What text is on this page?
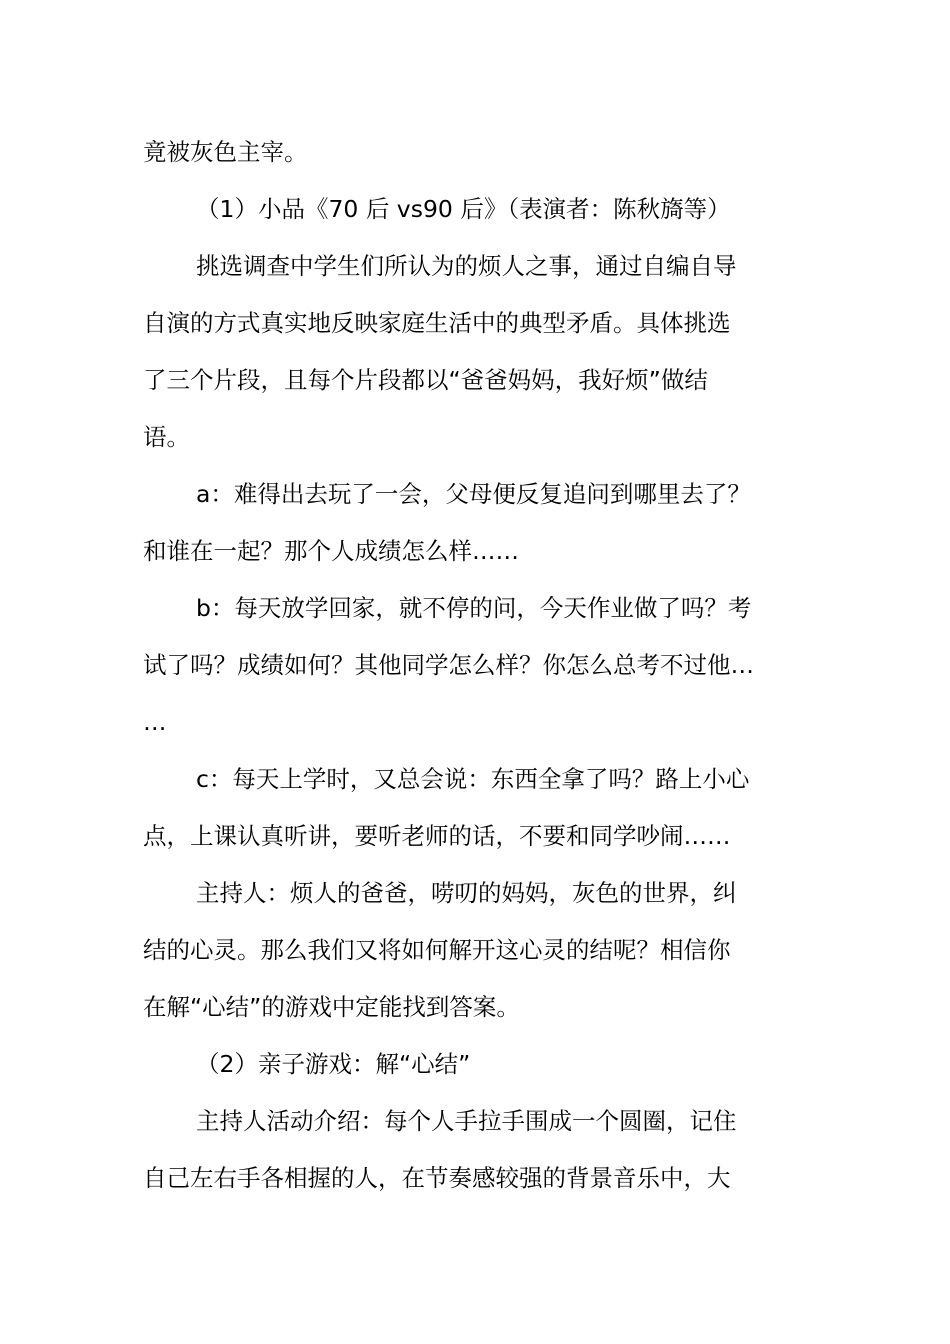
竟被灰色主宰。
（1）小品《70 后 vs90 后》（表演者：陈秋旖等）
挑选调查中学生们所认为的烦人之事，通过自编自导
自演的方式真实地反映家庭生活中的典型矛盾。具体挑选
了三个片段，且每个片段都以“爸爸妈妈，我好烦”做结
语。
a：难得出去玩了一会，父母便反复追问到哪里去了？
和谁在一起？那个人成绩怎么样……
b：每天放学回家，就不停的问，今天作业做了吗？考
试了吗？成绩如何？其他同学怎么样？你怎么总考不过他…
…
c：每天上学时，又总会说：东西全拿了吗？路上小心
点，上课认真听讲，要听老师的话，不要和同学吵闹……
主持人：烦人的爸爸，唠叨的妈妈，灰色的世界，纠
结的心灵。那么我们又将如何解开这心灵的结呢？相信你
在解“心结”的游戏中定能找到答案。
（2）亲子游戏：解“心结”
主持人活动介绍：每个人手拉手围成一个圆圈，记住
自己左右手各相握的人，在节奏感较强的背景音乐中，大
